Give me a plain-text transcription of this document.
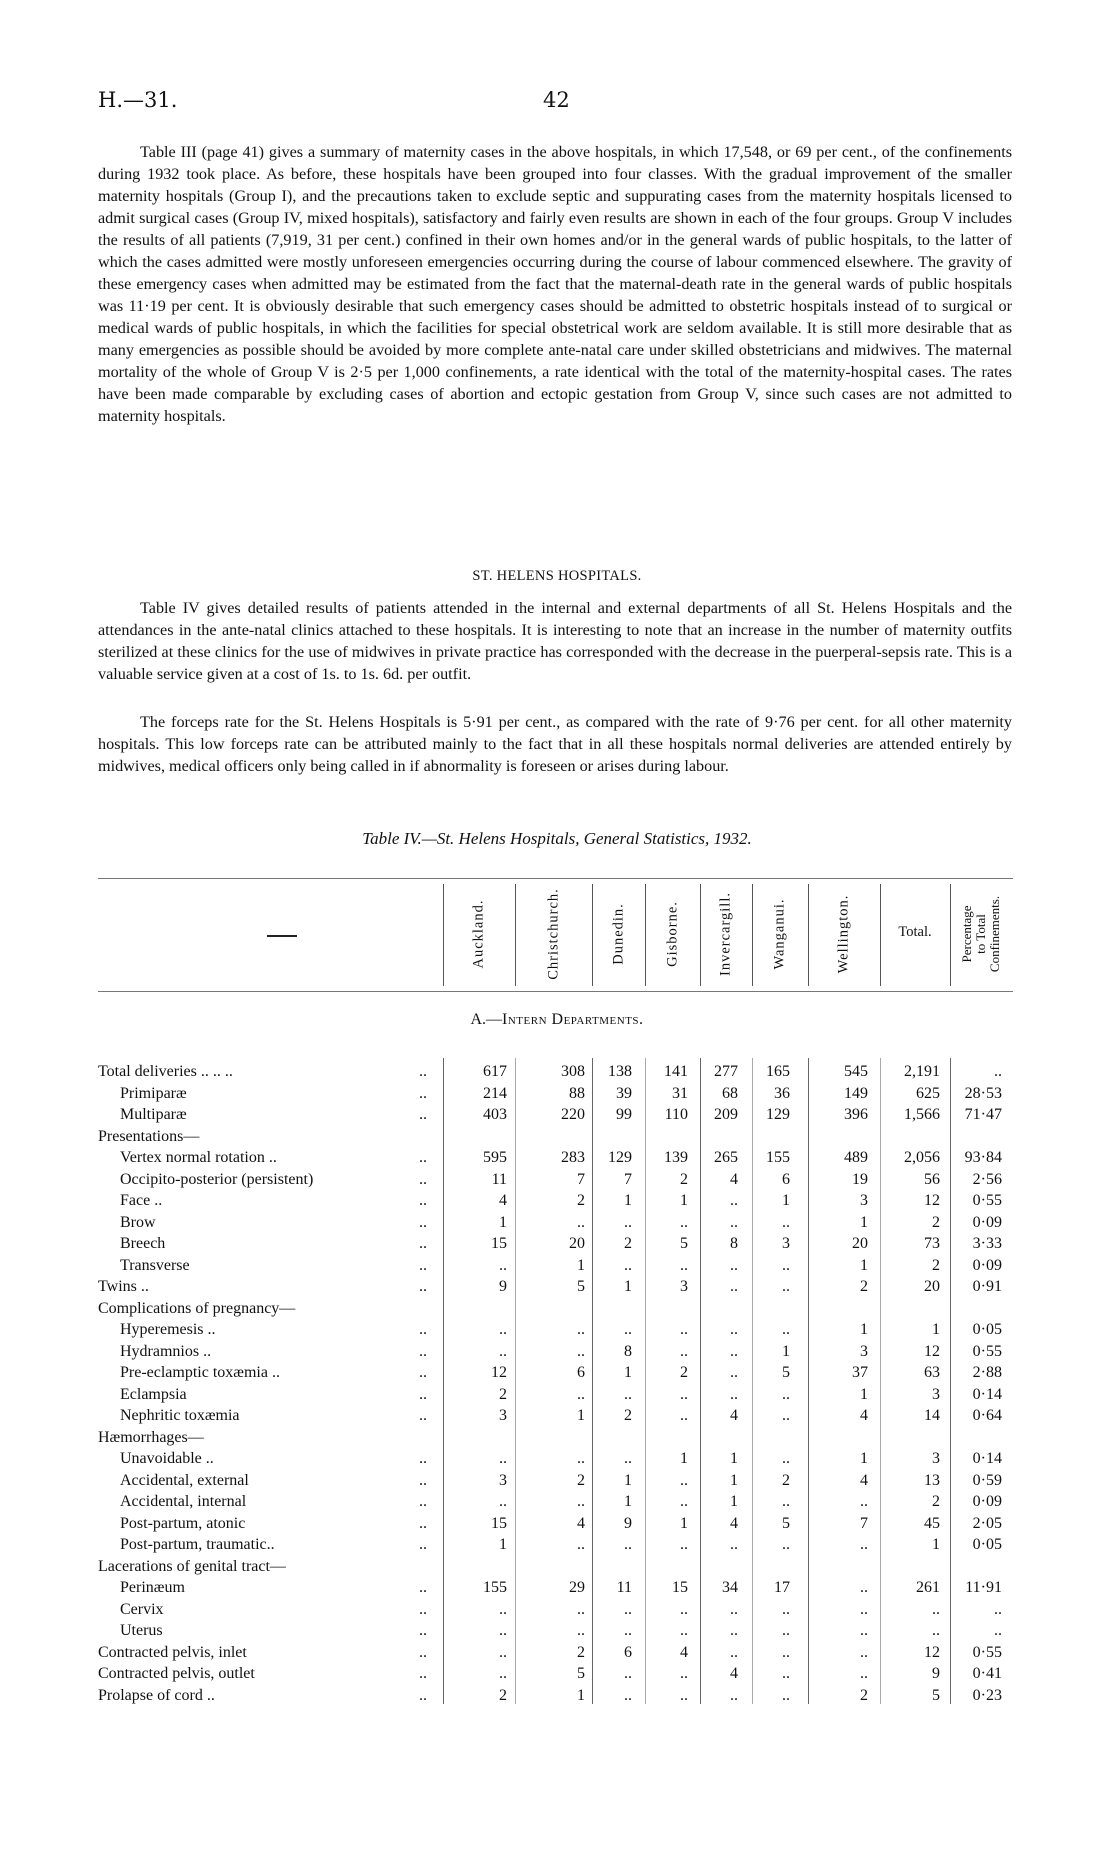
H.—31.	42
Table III (page 41) gives a summary of maternity cases in the above hospitals, in which 17,548, or 69 per cent., of the confinements during 1932 took place. As before, these hospitals have been grouped into four classes. With the gradual improvement of the smaller maternity hospitals (Group I), and the precautions taken to exclude septic and suppurating cases from the maternity hospitals licensed to admit surgical cases (Group IV, mixed hospitals), satisfactory and fairly even results are shown in each of the four groups. Group V includes the results of all patients (7,919, 31 per cent.) confined in their own homes and/or in the general wards of public hospitals, to the latter of which the cases admitted were mostly unforeseen emergencies occurring during the course of labour commenced elsewhere. The gravity of these emergency cases when admitted may be estimated from the fact that the maternal-death rate in the general wards of public hospitals was 11·19 per cent. It is obviously desirable that such emergency cases should be admitted to obstetric hospitals instead of to surgical or medical wards of public hospitals, in which the facilities for special obstetrical work are seldom available. It is still more desirable that as many emergencies as possible should be avoided by more complete ante-natal care under skilled obstetricians and midwives. The maternal mortality of the whole of Group V is 2·5 per 1,000 confinements, a rate identical with the total of the maternity-hospital cases. The rates have been made comparable by excluding cases of abortion and ectopic gestation from Group V, since such cases are not admitted to maternity hospitals.
ST. HELENS HOSPITALS.
Table IV gives detailed results of patients attended in the internal and external departments of all St. Helens Hospitals and the attendances in the ante-natal clinics attached to these hospitals. It is interesting to note that an increase in the number of maternity outfits sterilized at these clinics for the use of midwives in private practice has corresponded with the decrease in the puerperal-sepsis rate. This is a valuable service given at a cost of 1s. to 1s. 6d. per outfit.
The forceps rate for the St. Helens Hospitals is 5·91 per cent., as compared with the rate of 9·76 per cent. for all other maternity hospitals. This low forceps rate can be attributed mainly to the fact that in all these hospitals normal deliveries are attended entirely by midwives, medical officers only being called in if abnormality is foreseen or arises during labour.
Table IV.—St. Helens Hospitals, General Statistics, 1932.
Auckland.	Christchurch.	Dunedin.	Gisborne.	Invercargill.	Wanganui.	Wellington.	Total.	Percentage
to Total
Confinements.
A.—Intern Departments.
Total deliveries .. .. ..	..	617	308	138	141	277	165	545	2,191	..
Primiparæ	..	214	88	39	31	68	36	149	625	28·53
Multiparæ	..	403	220	99	110	209	129	396	1,566	71·47
Presentations—
Vertex normal rotation ..	..	595	283	129	139	265	155	489	2,056	93·84
Occipito-posterior (persistent)	..	11	7	7	2	4	6	19	56	2·56
Face ..	..	4	2	1	1	..	1	3	12	0·55
Brow	..	1	..	..	..	..	..	1	2	0·09
Breech	..	15	20	2	5	8	3	20	73	3·33
Transverse	..	..	1	..	..	..	..	1	2	0·09
Twins ..	..	9	5	1	3	..	..	2	20	0·91
Complications of pregnancy—
Hyperemesis ..	..	..	..	..	..	..	..	1	1	0·05
Hydramnios ..	..	..	..	8	..	..	1	3	12	0·55
Pre-eclamptic toxæmia ..	..	12	6	1	2	..	5	37	63	2·88
Eclampsia	..	2	..	..	..	..	..	1	3	0·14
Nephritic toxæmia	..	3	1	2	..	4	..	4	14	0·64
Hæmorrhages—
Unavoidable ..	..	..	..	..	1	1	..	1	3	0·14
Accidental, external	..	3	2	1	..	1	2	4	13	0·59
Accidental, internal	..	..	..	1	..	1	..	..	2	0·09
Post-partum, atonic	..	15	4	9	1	4	5	7	45	2·05
Post-partum, traumatic..	..	1	..	..	..	..	..	..	1	0·05
Lacerations of genital tract—
Perinæum	..	155	29	11	15	34	17	..	261	11·91
Cervix	..	..	..	..	..	..	..	..	..	..
Uterus	..	..	..	..	..	..	..	..	..	..
Contracted pelvis, inlet	..	..	2	6	4	..	..	..	12	0·55
Contracted pelvis, outlet	..	..	5	..	..	4	..	..	9	0·41
Prolapse of cord ..	..	2	1	..	..	..	..	2	5	0·23
